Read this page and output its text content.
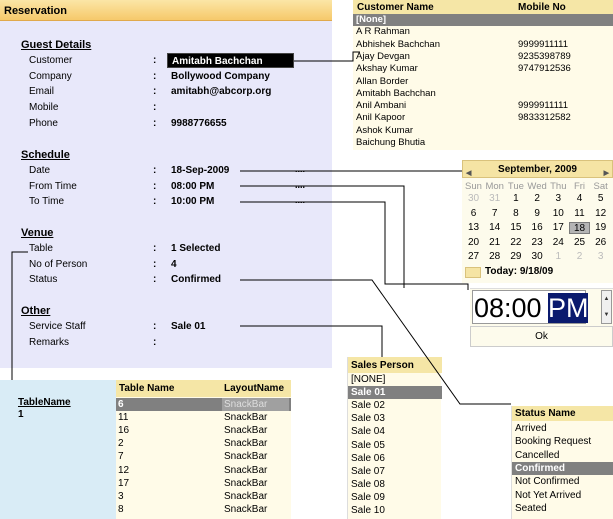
Reservation
Guest Details
Customer	:	Amitabh Bachchan
Company	: Bollywood Company
Email	: amitabh@abcorp.org
Mobile	:
Phone	: 9988776655
Schedule
Date	: 18-Sep-2009	....
From Time	: 08:00 PM	....
To Time	: 10:00 PM	....
Venue
Table	: 1 Selected
No of Person	: 4
Status	: Confirmed
Other
Service Staff	: Sale 01
Remarks	:
Customer Name	Mobile No
[None]
A R Rahman
Abhishek Bachchan	9999911111
Ajay Devgan	9235398789
Akshay Kumar	9747912536
Allan Border
Amitabh Bachchan
Anil Ambani	9999911111
Anil Kapoor	9833312582
Ashok Kumar
Baichung Bhutia
◀	September, 2009	▶
Sun Mon Tue Wed Thu Fri Sat
30	31	1	2	3	4	5
6	7	8	9	10	11	12
13	14	15	16	17	18	19
20	21	22	23	24	25	26
27	28	29	30	1	2	3
Today: 9/18/09
08:00 PM	▲
▼
Ok
TableName
1
Table Name	LayoutName
6	SnackBar
11	SnackBar
16	SnackBar
2	SnackBar
7	SnackBar
12	SnackBar
17	SnackBar
3	SnackBar
8	SnackBar
Sales Person
[NONE]
Sale 01
Sale 02
Sale 03
Sale 04
Sale 05
Sale 06
Sale 07
Sale 08
Sale 09
Sale 10
Status Name
Arrived
Booking Request
Cancelled
Confirmed
Not Confirmed
Not Yet Arrived
Seated
